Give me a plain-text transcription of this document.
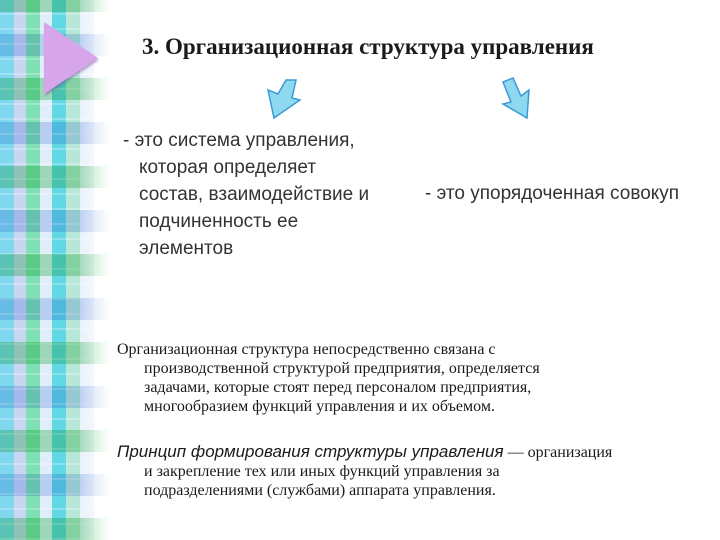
3. Организационная структура управления
- это система управления,
которая определяет
состав, взаимодействие и
подчиненность ее
элементов
- это упорядоченная совокуп
Организационная структура непосредственно связана с
производственной структурой предприятия, определяется
задачами, которые стоят перед персоналом предприятия,
многообразием функций управления и их объемом.
Принцип формирования структуры управления — организация
и закрепление тех или иных функций управления за
подразделениями (службами) аппарата управления.
